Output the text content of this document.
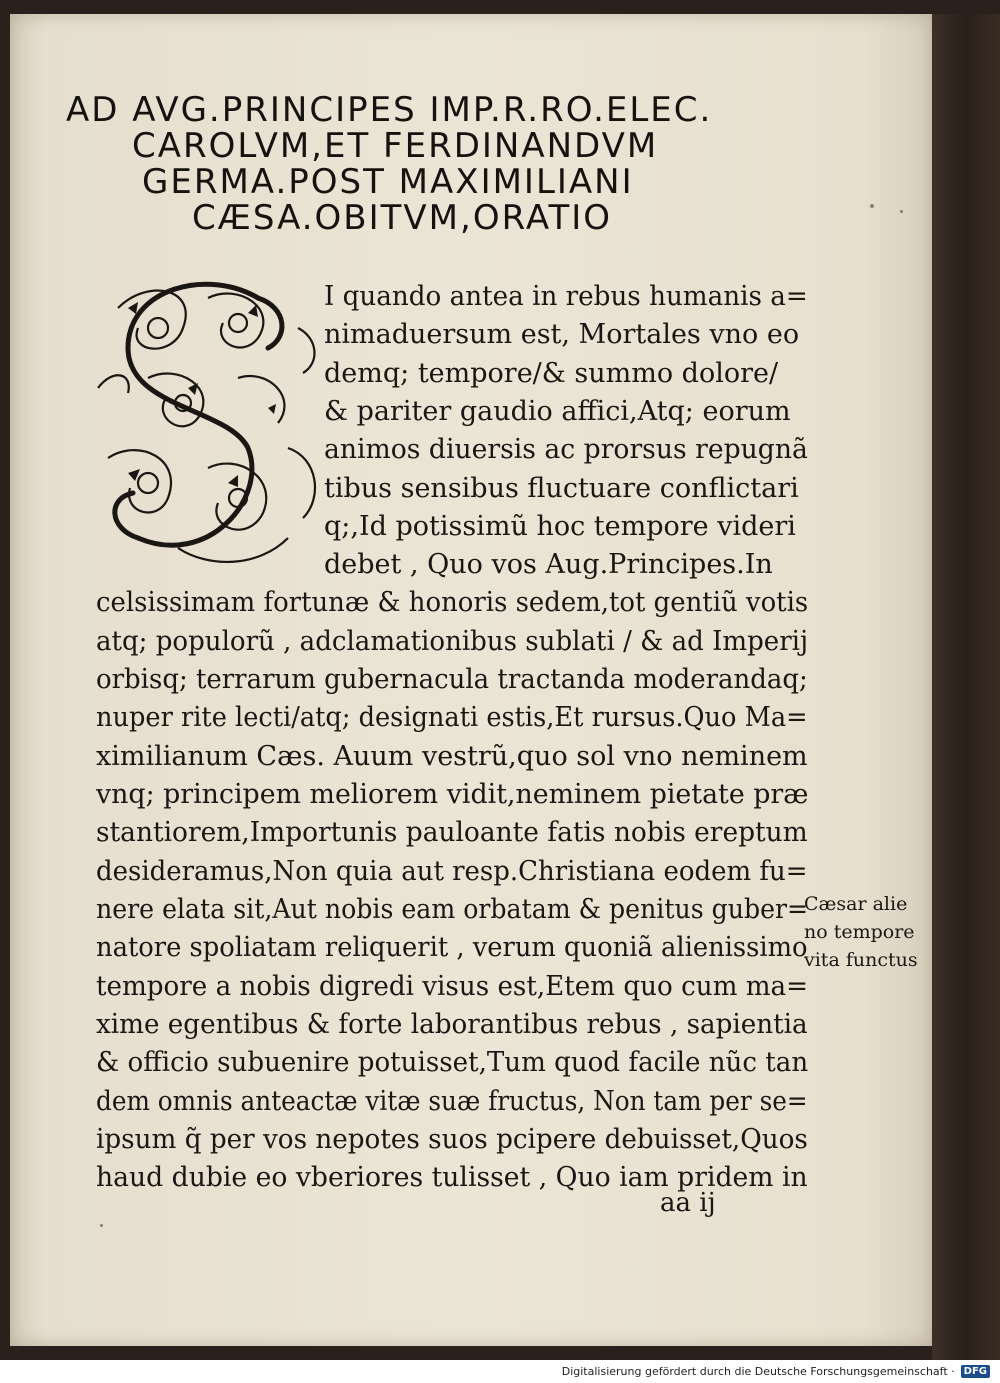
AD AVG.PRINCIPES IMP.R.RO.ELEC.
CAROLVM,ET FERDINANDVM
GERMA.POST MAXIMILIANI
CÆSA.OBITVM,ORATIO
I quando antea in rebus humanis a=
nimaduersum est, Mortales vno eo
demq; tempore/& summo dolore/
& pariter gaudio affici,Atq; eorum
animos diuersis ac prorsus repugnã
tibus sensibus fluctuare conflictari
q;,Id potissimũ hoc tempore videri
debet , Quo vos Aug.Principes.In
celsissimam fortunæ & honoris sedem,tot gentiũ votis
atq; populorũ , adclamationibus sublati / & ad Imperij
orbisq; terrarum gubernacula tractanda moderandaq;
nuper rite lecti/atq; designati estis,Et rursus.Quo Ma=
ximilianum Cæs. Auum vestrũ,quo sol vno neminem
vnq; principem meliorem vidit,neminem pietate præ
stantiorem,Importunis pauloante fatis nobis ereptum
desideramus,Non quia aut resp.Christiana eodem fu=
nere elata sit,Aut nobis eam orbatam & penitus guber=
natore spoliatam reliquerit , verum quoniã alienissimo
tempore a nobis digredi visus est,Etem quo cum ma=
xime egentibus & forte laborantibus rebus , sapientia
& officio subuenire potuisset,Tum quod facile nũc tan
dem omnis anteactæ vitæ suæ fructus, Non tam per se=
ipsum q̃ per vos nepotes suos pcipere debuisset,Quos
haud dubie eo vberiores tulisset , Quo iam pridem in
aa ij
Cæsar alie
no tempore
vita functus
Digitalisierung gefördert durch die Deutsche Forschungsgemeinschaft · DFG
